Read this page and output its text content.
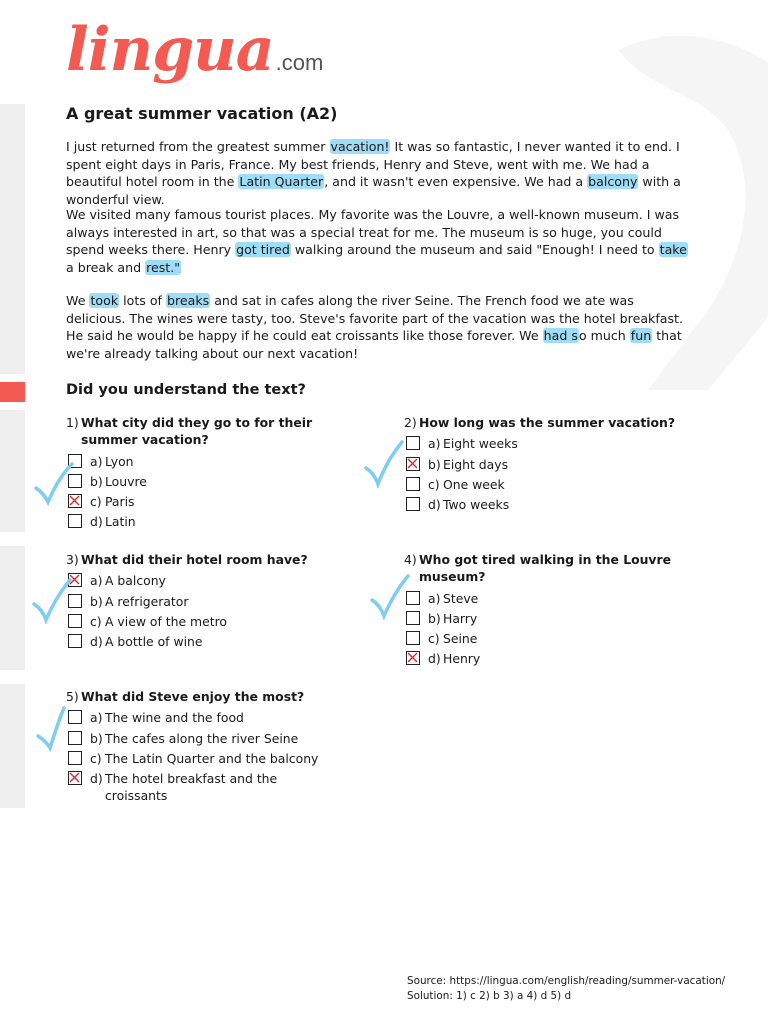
lingua.com
A great summer vacation (A2)

I just returned from the greatest summer vacation! It was so fantastic, I never wanted it to end. I spent eight days in Paris, France. My best friends, Henry and Steve, went with me. We had a beautiful hotel room in the Latin Quarter, and it wasn't even expensive. We had a balcony with a wonderful view.

We visited many famous tourist places. My favorite was the Louvre, a well-known museum. I was always interested in art, so that was a special treat for me. The museum is so huge, you could spend weeks there. Henry got tired walking around the museum and said "Enough! I need to take a break and rest."

We took lots of breaks and sat in cafes along the river Seine. The French food we ate was delicious. The wines were tasty, too. Steve's favorite part of the vacation was the hotel breakfast. He said he would be happy if he could eat croissants like those forever. We had so much fun that we're already talking about our next vacation!

Did you understand the text?
1) What city did they go to for their summer vacation?
a) Lyon
b) Louvre
c) Paris
d) Latin
2) How long was the summer vacation?
a) Eight weeks
b) Eight days
c) One week
d) Two weeks
3) What did their hotel room have?
a) A balcony
b) A refrigerator
c) A view of the metro
d) A bottle of wine
4) Who got tired walking in the Louvre museum?
a) Steve
b) Harry
c) Seine
d) Henry
5) What did Steve enjoy the most?
a) The wine and the food
b) The cafes along the river Seine
c) The Latin Quarter and the balcony
d) The hotel breakfast and the croissants
Source: https://lingua.com/english/reading/summer-vacation/
Solution: 1) c 2) b 3) a 4) d 5) d
